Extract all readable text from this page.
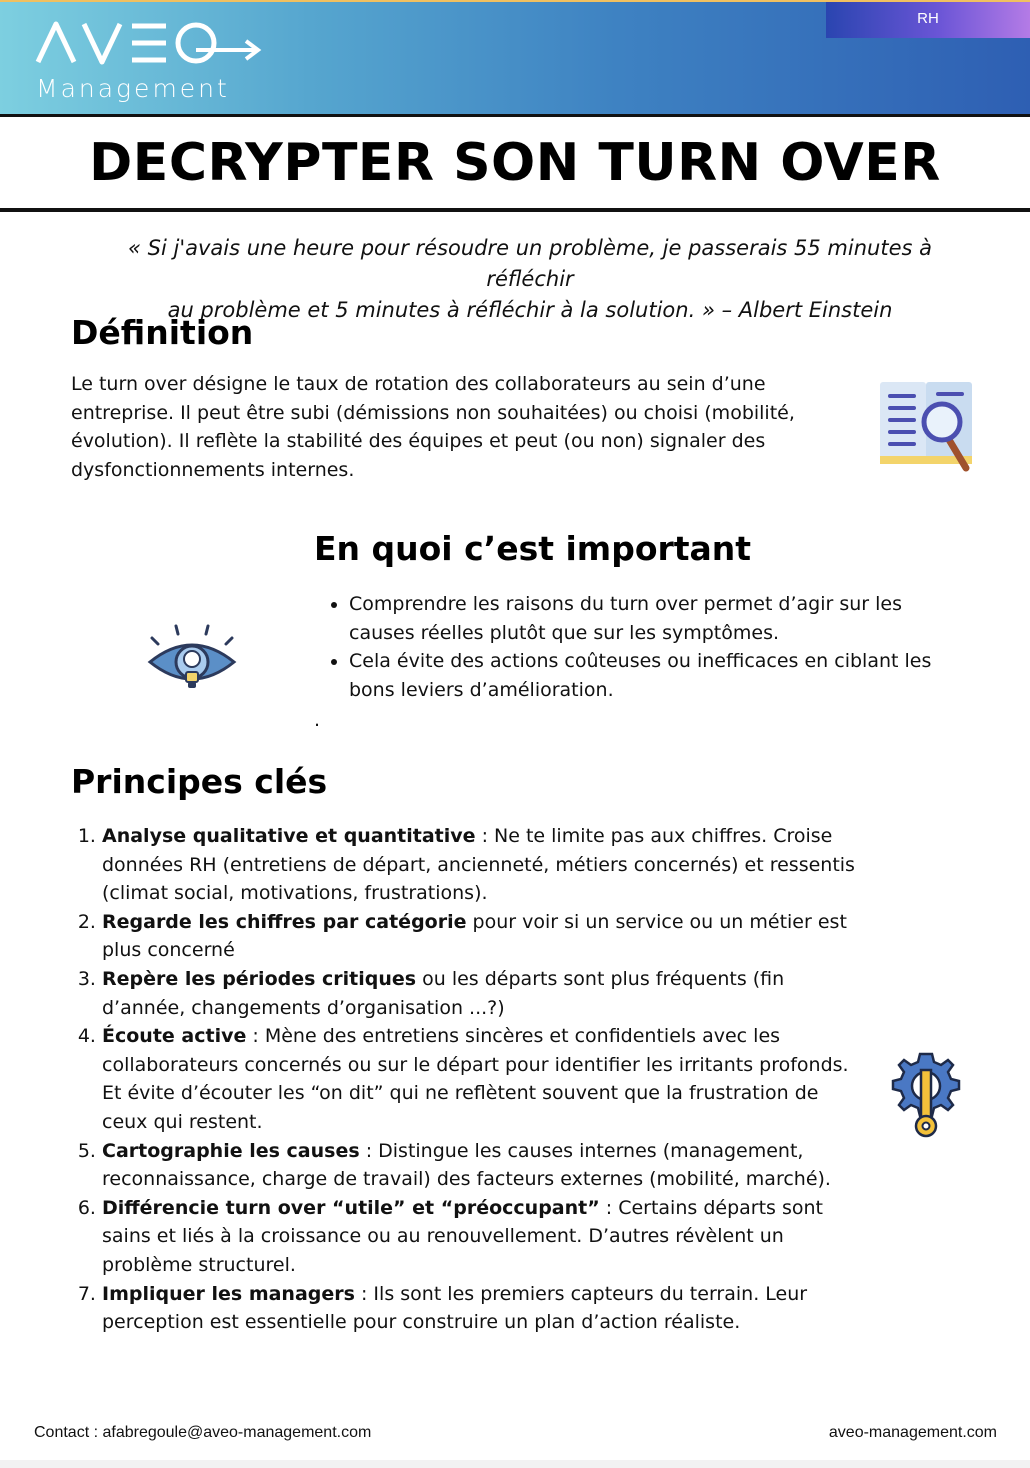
Management
RH
DECRYPTER SON TURN OVER
« Si j'avais une heure pour résoudre un problème, je passerais 55 minutes à réfléchir
au problème et 5 minutes à réfléchir à la solution. » – Albert Einstein
Définition
Le turn over désigne le taux de rotation des collaborateurs au sein d’une entreprise. Il peut être subi (démissions non souhaitées) ou choisi (mobilité, évolution). Il reflète la stabilité des équipes et peut (ou non) signaler des dysfonctionnements internes.
En quoi c’est important
• Comprendre les raisons du turn over permet d’agir sur les causes réelles plutôt que sur les symptômes.
• Cela évite des actions coûteuses ou inefficaces en ciblant les bons leviers d’amélioration.
.
Principes clés
1. Analyse qualitative et quantitative : Ne te limite pas aux chiffres. Croise données RH (entretiens de départ, ancienneté, métiers concernés) et ressentis (climat social, motivations, frustrations).
2. Regarde les chiffres par catégorie pour voir si un service ou un métier est plus concerné
3. Repère les périodes critiques ou les départs sont plus fréquents (fin d’année, changements d’organisation ...?)
4. Écoute active : Mène des entretiens sincères et confidentiels avec les collaborateurs concernés ou sur le départ pour identifier les irritants profonds. Et évite d’écouter les “on dit” qui ne reflètent souvent que la frustration de ceux qui restent.
5. Cartographie les causes : Distingue les causes internes (management, reconnaissance, charge de travail) des facteurs externes (mobilité, marché).
6. Différencie turn over “utile” et “préoccupant” : Certains départs sont sains et liés à la croissance ou au renouvellement. D’autres révèlent un problème structurel.
7. Impliquer les managers : Ils sont les premiers capteurs du terrain. Leur perception est essentielle pour construire un plan d’action réaliste.
Contact : afabregoule@aveo-management.com	aveo-management.com
